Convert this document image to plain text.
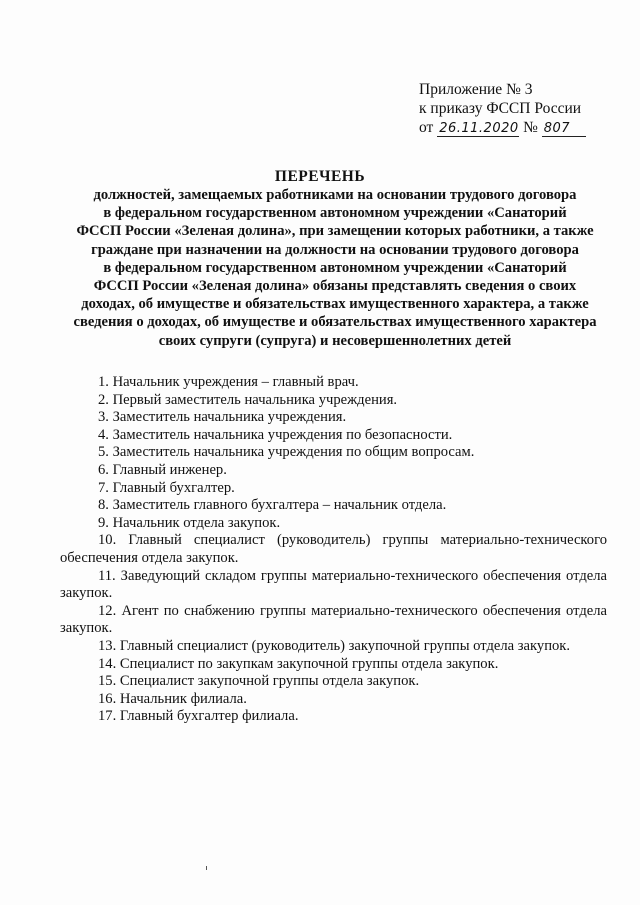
Приложение № 3
к приказу ФССП России
от 26.11.2020 № 807
ПЕРЕЧЕНЬ
должностей, замещаемых работниками на основании трудового договора
в федеральном государственном автономном учреждении «Санаторий
ФССП России «Зеленая долина», при замещении которых работники, а также
граждане при назначении на должности на основании трудового договора
в федеральном государственном автономном учреждении «Санаторий
ФССП России «Зеленая долина» обязаны представлять сведения о своих
доходах, об имуществе и обязательствах имущественного характера, а также
сведения о доходах, об имуществе и обязательствах имущественного характера
своих супруги (супруга) и несовершеннолетних детей
1. Начальник учреждения – главный врач.
2. Первый заместитель начальника учреждения.
3. Заместитель начальника учреждения.
4. Заместитель начальника учреждения по безопасности.
5. Заместитель начальника учреждения по общим вопросам.
6. Главный инженер.
7. Главный бухгалтер.
8. Заместитель главного бухгалтера – начальник отдела.
9. Начальник отдела закупок.
10. Главный специалист (руководитель) группы материально-технического обеспечения отдела закупок.
11. Заведующий складом группы материально-технического обеспечения отдела закупок.
12. Агент по снабжению группы материально-технического обеспечения отдела закупок.
13. Главный специалист (руководитель) закупочной группы отдела закупок.
14. Специалист по закупкам закупочной группы отдела закупок.
15. Специалист закупочной группы отдела закупок.
16. Начальник филиала.
17. Главный бухгалтер филиала.
